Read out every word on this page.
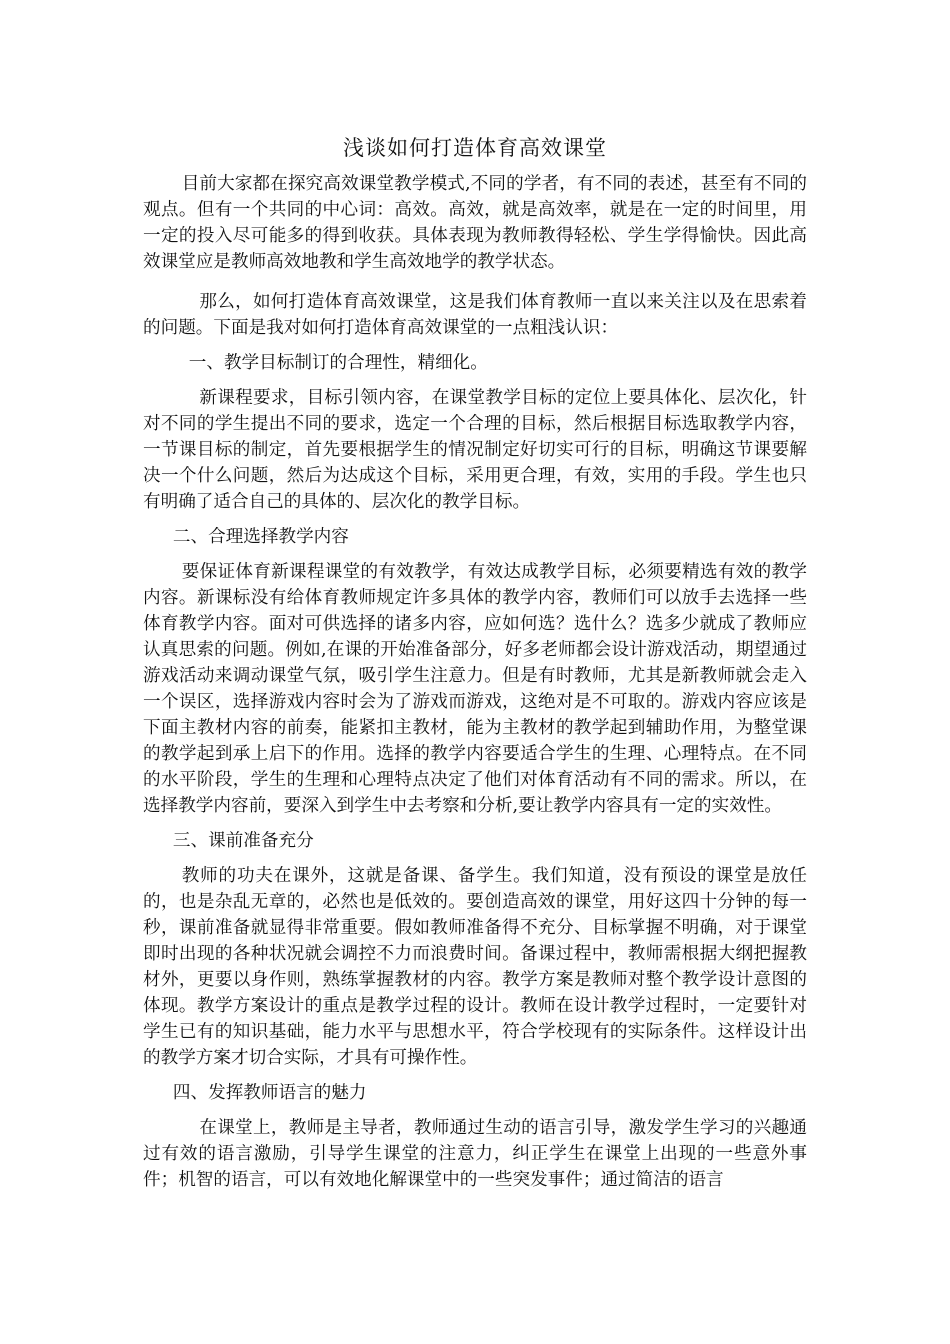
浅谈如何打造体育高效课堂

目前大家都在探究高效课堂教学模式,不同的学者，有不同的表述，甚至有不同的观点。但有一个共同的中心词：高效。高效，就是高效率，就是在一定的时间里，用一定的投入尽可能多的得到收获。具体表现为教师教得轻松、学生学得愉快。因此高效课堂应是教师高效地教和学生高效地学的教学状态。

那么，如何打造体育高效课堂，这是我们体育教师一直以来关注以及在思索着的问题。下面是我对如何打造体育高效课堂的一点粗浅认识：

一、教学目标制订的合理性，精细化。

新课程要求，目标引领内容，在课堂教学目标的定位上要具体化、层次化，针对不同的学生提出不同的要求，选定一个合理的目标，然后根据目标选取教学内容，一节课目标的制定，首先要根据学生的情况制定好切实可行的目标，明确这节课要解决一个什么问题，然后为达成这个目标，采用更合理，有效，实用的手段。学生也只有明确了适合自己的具体的、层次化的教学目标。

二、合理选择教学内容

要保证体育新课程课堂的有效教学，有效达成教学目标，必须要精选有效的教学内容。新课标没有给体育教师规定许多具体的教学内容，教师们可以放手去选择一些体育教学内容。面对可供选择的诸多内容，应如何选？选什么？选多少就成了教师应认真思索的问题。例如,在课的开始准备部分，好多老师都会设计游戏活动，期望通过游戏活动来调动课堂气氛，吸引学生注意力。但是有时教师，尤其是新教师就会走入一个误区，选择游戏内容时会为了游戏而游戏，这绝对是不可取的。游戏内容应该是下面主教材内容的前奏，能紧扣主教材，能为主教材的教学起到辅助作用，为整堂课的教学起到承上启下的作用。选择的教学内容要适合学生的生理、心理特点。在不同的水平阶段，学生的生理和心理特点决定了他们对体育活动有不同的需求。所以，在选择教学内容前，要深入到学生中去考察和分析,要让教学内容具有一定的实效性。

三、课前准备充分

教师的功夫在课外，这就是备课、备学生。我们知道，没有预设的课堂是放任的，也是杂乱无章的，必然也是低效的。要创造高效的课堂，用好这四十分钟的每一秒，课前准备就显得非常重要。假如教师准备得不充分、目标掌握不明确，对于课堂即时出现的各种状况就会调控不力而浪费时间。备课过程中，教师需根据大纲把握教材外，更要以身作则，熟练掌握教材的内容。教学方案是教师对整个教学设计意图的体现。教学方案设计的重点是教学过程的设计。教师在设计教学过程时，一定要针对学生已有的知识基础，能力水平与思想水平，符合学校现有的实际条件。这样设计出的教学方案才切合实际，才具有可操作性。

四、发挥教师语言的魅力

在课堂上，教师是主导者，教师通过生动的语言引导，激发学生学习的兴趣通过有效的语言激励，引导学生课堂的注意力，纠正学生在课堂上出现的一些意外事件；机智的语言，可以有效地化解课堂中的一些突发事件；通过简洁的语言
